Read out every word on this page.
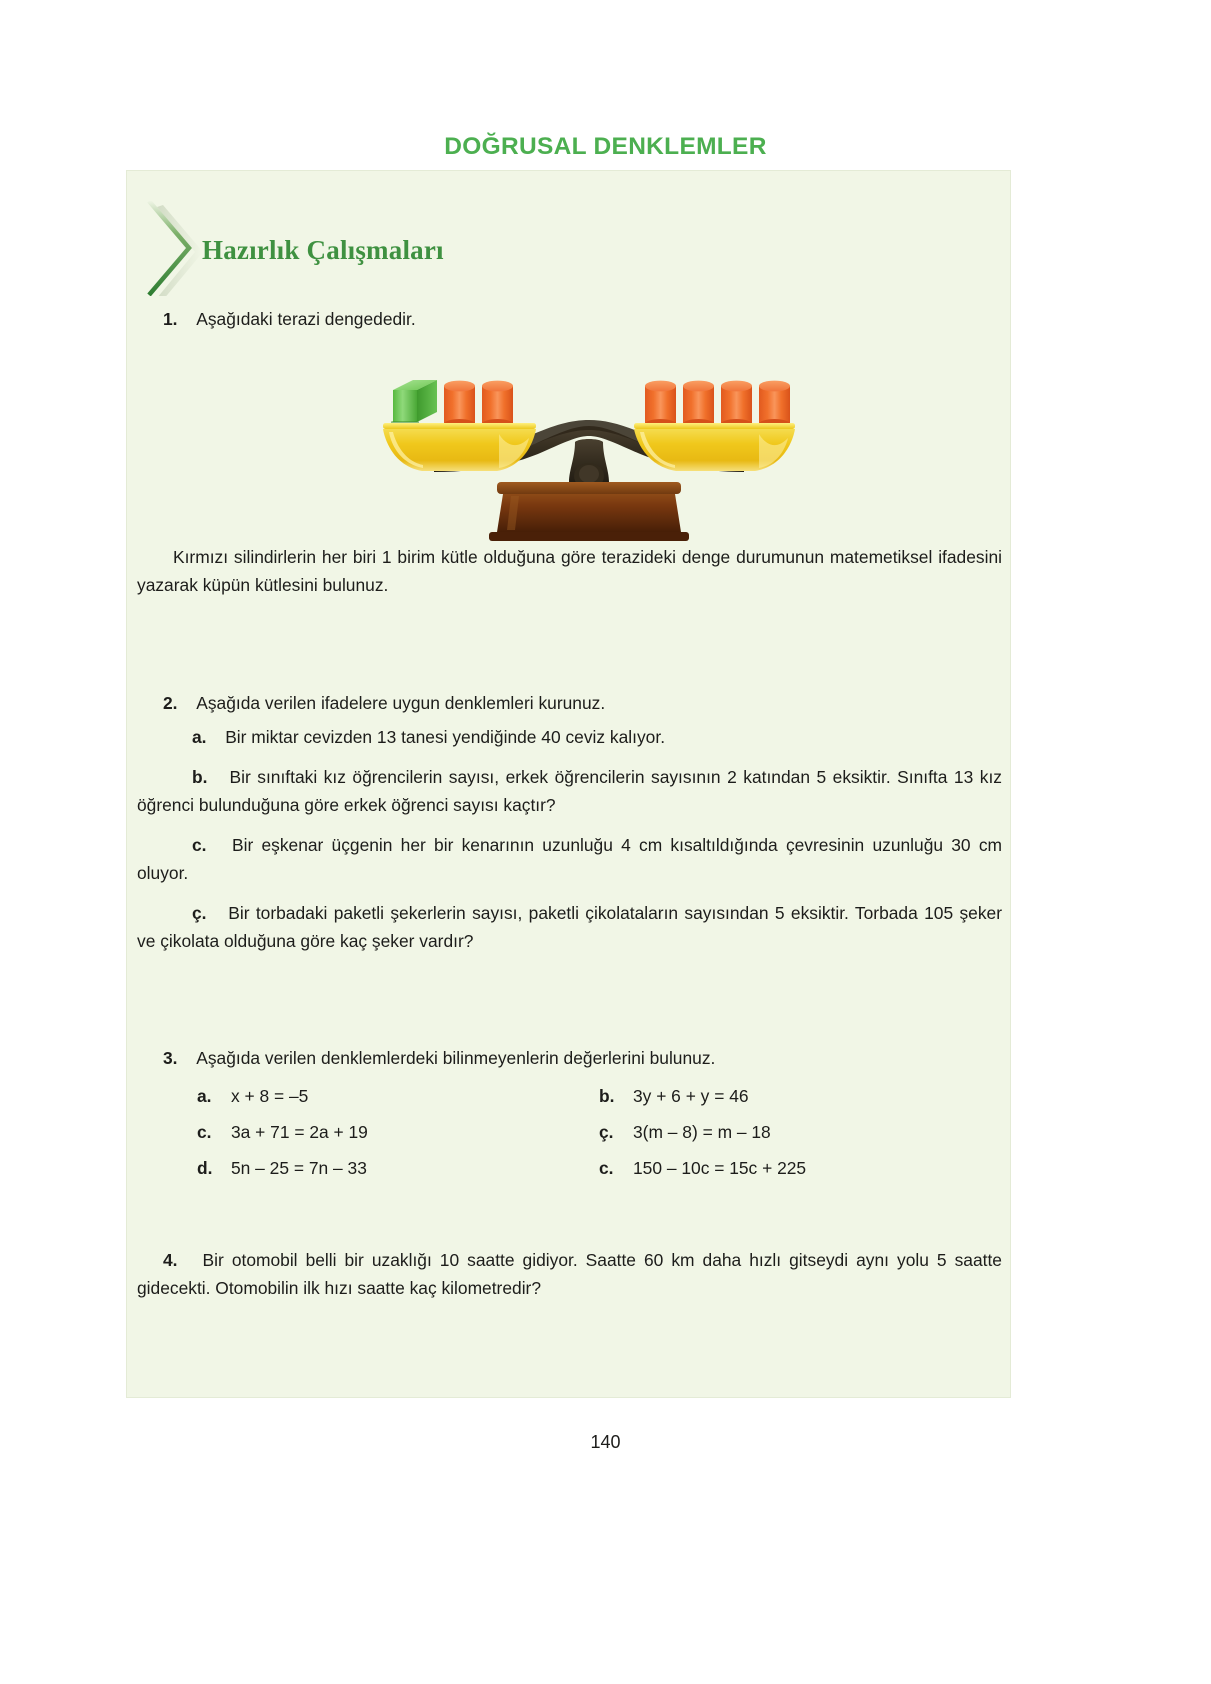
DOĞRUSAL DENKLEMLER
Hazırlık Çalışmaları
1. Aşağıdaki terazi dengededir.
Kırmızı silindirlerin her biri 1 birim kütle olduğuna göre terazideki denge durumunun matemetiksel ifadesini yazarak küpün kütlesini bulunuz.
2. Aşağıda verilen ifadelere uygun denklemleri kurunuz.
a. Bir miktar cevizden 13 tanesi yendiğinde 40 ceviz kalıyor.
b. Bir sınıftaki kız öğrencilerin sayısı, erkek öğrencilerin sayısının 2 katından 5 eksiktir. Sınıfta 13 kız öğrenci bulunduğuna göre erkek öğrenci sayısı kaçtır?
c. Bir eşkenar üçgenin her bir kenarının uzunluğu 4 cm kısaltıldığında çevresinin uzunluğu 30 cm oluyor.
ç. Bir torbadaki paketli şekerlerin sayısı, paketli çikolataların sayısından 5 eksiktir. Torbada 105 şeker ve çikolata olduğuna göre kaç şeker vardır?
3. Aşağıda verilen denklemlerdeki bilinmeyenlerin değerlerini bulunuz.
a.	x + 8 = –5	b.	3y + 6 + y = 46
c.	3a + 71 = 2a + 19	ç.	3(m – 8) = m – 18
d.	5n – 25 = 7n – 33	c.	150 – 10c = 15c + 225
4. Bir otomobil belli bir uzaklığı 10 saatte gidiyor. Saatte 60 km daha hızlı gitseydi aynı yolu 5 saatte gidecekti. Otomobilin ilk hızı saatte kaç kilometredir?
140
